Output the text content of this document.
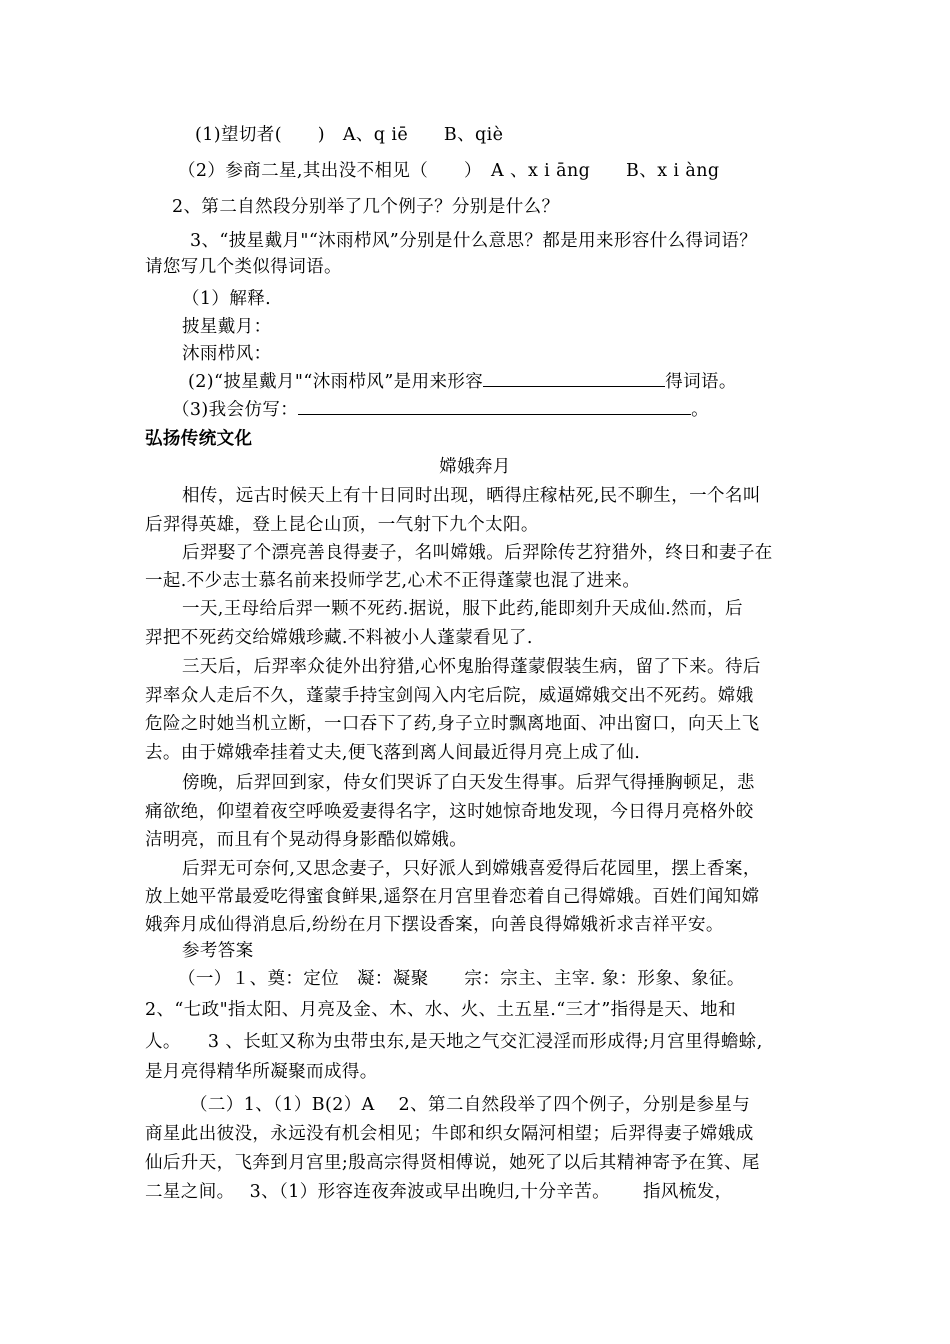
(1)望切者(　　)　A、q iē　　B、qiè
（2）参商二星,其出没不相见（　　）　A 、x i āng　　B、x i àng
2、第二自然段分别举了几个例子？分别是什么？
3、“披星戴月"“沐雨栉风”分别是什么意思？都是用来形容什么得词语？
请您写几个类似得词语。
（1）解释.
披星戴月：
沐雨栉风：
(2)“披星戴月"“沐雨栉风”是用来形容	得词语。
（3)我会仿写：	。
弘扬传统文化
嫦娥奔月
相传，远古时候天上有十日同时出现，晒得庄稼枯死,民不聊生，一个名叫
后羿得英雄，登上昆仑山顶，一气射下九个太阳。
后羿娶了个漂亮善良得妻子，名叫嫦娥。后羿除传艺狩猎外，终日和妻子在
一起.不少志士慕名前来投师学艺,心术不正得蓬蒙也混了进来。
一天,王母给后羿一颗不死药.据说，服下此药,能即刻升天成仙.然而，后
羿把不死药交给嫦娥珍藏.不料被小人蓬蒙看见了.
三天后，后羿率众徒外出狩猎,心怀鬼胎得蓬蒙假装生病，留了下来。待后
羿率众人走后不久，蓬蒙手持宝剑闯入内宅后院，威逼嫦娥交出不死药。嫦娥
危险之时她当机立断，一口吞下了药,身子立时飘离地面、冲出窗口，向天上飞
去。由于嫦娥牵挂着丈夫,便飞落到离人间最近得月亮上成了仙.
傍晚，后羿回到家，侍女们哭诉了白天发生得事。后羿气得捶胸顿足，悲
痛欲绝，仰望着夜空呼唤爱妻得名字，这时她惊奇地发现，今日得月亮格外皎
洁明亮，而且有个晃动得身影酷似嫦娥。
后羿无可奈何,又思念妻子，只好派人到嫦娥喜爱得后花园里，摆上香案，
放上她平常最爱吃得蜜食鲜果,遥祭在月宫里眷恋着自己得嫦娥。百姓们闻知嫦
娥奔月成仙得消息后,纷纷在月下摆设香案，向善良得嫦娥祈求吉祥平安。
参考答案
（一）１、奠：定位　凝：凝聚　　宗：宗主、主宰. 象：形象、象征。
2、“七政"指太阳、月亮及金、木、水、火、土五星.“三才”指得是天、地和
人。　　3 、长虹又称为虫带虫东,是天地之气交汇浸淫而形成得;月宫里得蟾蜍,
是月亮得精华所凝聚而成得。
（二）1、（1）B(2）A　 2、第二自然段举了四个例子，分别是参星与
商星此出彼没，永远没有机会相见；牛郎和织女隔河相望；后羿得妻子嫦娥成
仙后升天，飞奔到月宫里;殷高宗得贤相傅说，她死了以后其精神寄予在箕、尾
二星之间。　 3、（1）形容连夜奔波或早出晚归,十分辛苦。　　 指风梳发，
